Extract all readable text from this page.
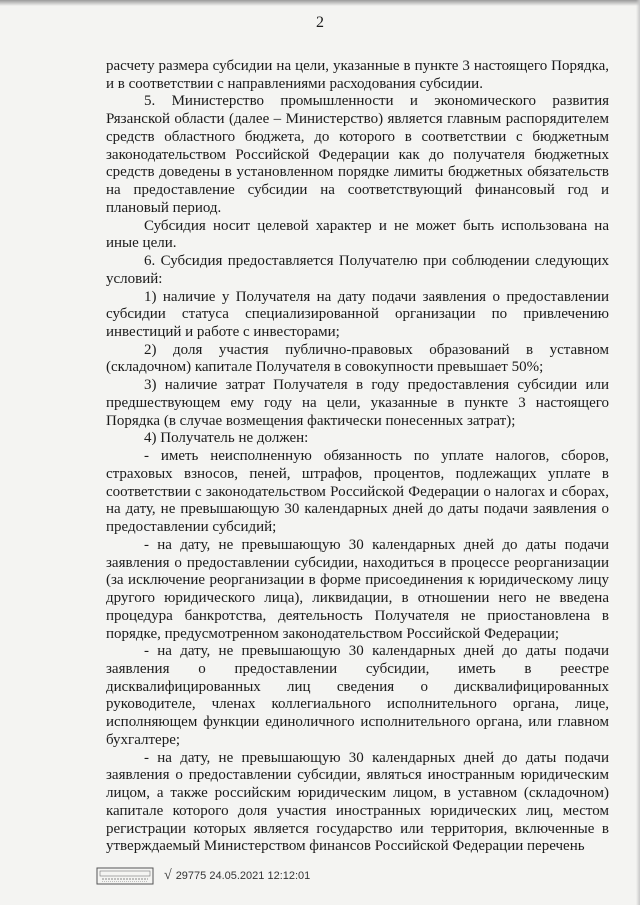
2

расчету размера субсидии на цели, указанные в пункте 3 настоящего Порядка, и в соответствии с направлениями расходования субсидии.

5. Министерство промышленности и экономического развития Рязанской области (далее – Министерство) является главным распорядителем средств областного бюджета, до которого в соответствии с бюджетным законодательством Российской Федерации как до получателя бюджетных средств доведены в установленном порядке лимиты бюджетных обязательств на предоставление субсидии на соответствующий финансовый год и плановый период.

Субсидия носит целевой характер и не может быть использована на иные цели.

6. Субсидия предоставляется Получателю при соблюдении следующих условий:

1) наличие у Получателя на дату подачи заявления о предоставлении субсидии статуса специализированной организации по привлечению инвестиций и работе с инвесторами;

2) доля участия публично-правовых образований в уставном (складочном) капитале Получателя в совокупности превышает 50%;

3) наличие затрат Получателя в году предоставления субсидии или предшествующем ему году на цели, указанные в пункте 3 настоящего Порядка (в случае возмещения фактически понесенных затрат);

4) Получатель не должен:

- иметь неисполненную обязанность по уплате налогов, сборов, страховых взносов, пеней, штрафов, процентов, подлежащих уплате в соответствии с законодательством Российской Федерации о налогах и сборах, на дату, не превышающую 30 календарных дней до даты подачи заявления о предоставлении субсидий;

- на дату, не превышающую 30 календарных дней до даты подачи заявления о предоставлении субсидии, находиться в процессе реорганизации (за исключение реорганизации в форме присоединения к юридическому лицу другого юридического лица), ликвидации, в отношении него не введена процедура банкротства, деятельность Получателя не приостановлена в порядке, предусмотренном законодательством Российской Федерации;

- на дату, не превышающую 30 календарных дней до даты подачи заявления о предоставлении субсидии, иметь в реестре дисквалифицированных лиц сведения о дисквалифицированных руководителе, членах коллегиального исполнительного органа, лице, исполняющем функции единоличного исполнительного органа, или главном бухгалтере;

- на дату, не превышающую 30 календарных дней до даты подачи заявления о предоставлении субсидии, являться иностранным юридическим лицом, а также российским юридическим лицом, в уставном (складочном) капитале которого доля участия иностранных юридических лиц, местом регистрации которых является государство или территория, включенные в утверждаемый Министерством финансов Российской Федерации перечень

√ 29775
24.05.2021 12:12:01
